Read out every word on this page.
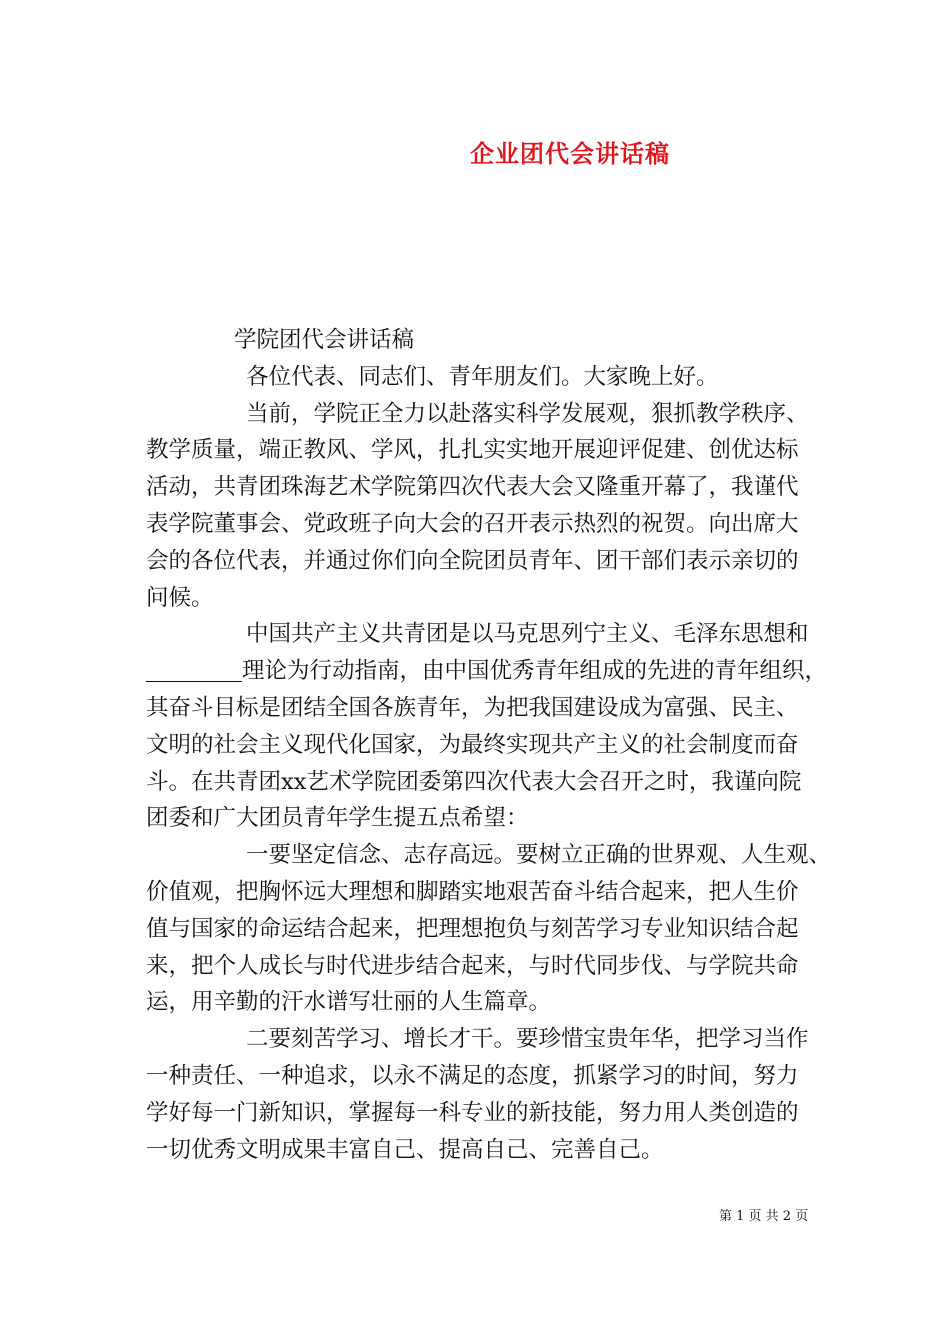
企业团代会讲话稿

学院团代会讲话稿

各位代表、同志们、青年朋友们。大家晚上好。

当前，学院正全力以赴落实科学发展观，狠抓教学秩序、

教学质量，端正教风、学风，扎扎实实地开展迎评促建、创优达标

活动，共青团珠海艺术学院第四次代表大会又隆重开幕了，我谨代

表学院董事会、党政班子向大会的召开表示热烈的祝贺。向出席大

会的各位代表，并通过你们向全院团员青年、团干部们表示亲切的

问候。

中国共产主义共青团是以马克思列宁主义、毛泽东思想和

理论为行动指南，由中国优秀青年组成的先进的青年组织，

其奋斗目标是团结全国各族青年，为把我国建设成为富强、民主、

文明的社会主义现代化国家，为最终实现共产主义的社会制度而奋

斗。在共青团xx艺术学院团委第四次代表大会召开之时，我谨向院

团委和广大团员青年学生提五点希望：

一要坚定信念、志存高远。要树立正确的世界观、人生观、

价值观，把胸怀远大理想和脚踏实地艰苦奋斗结合起来，把人生价

值与国家的命运结合起来，把理想抱负与刻苦学习专业知识结合起

来，把个人成长与时代进步结合起来，与时代同步伐、与学院共命

运，用辛勤的汗水谱写壮丽的人生篇章。

二要刻苦学习、增长才干。要珍惜宝贵年华，把学习当作

一种责任、一种追求，以永不满足的态度，抓紧学习的时间，努力

学好每一门新知识，掌握每一科专业的新技能，努力用人类创造的

一切优秀文明成果丰富自己、提高自己、完善自己。

第 1 页 共 2 页
